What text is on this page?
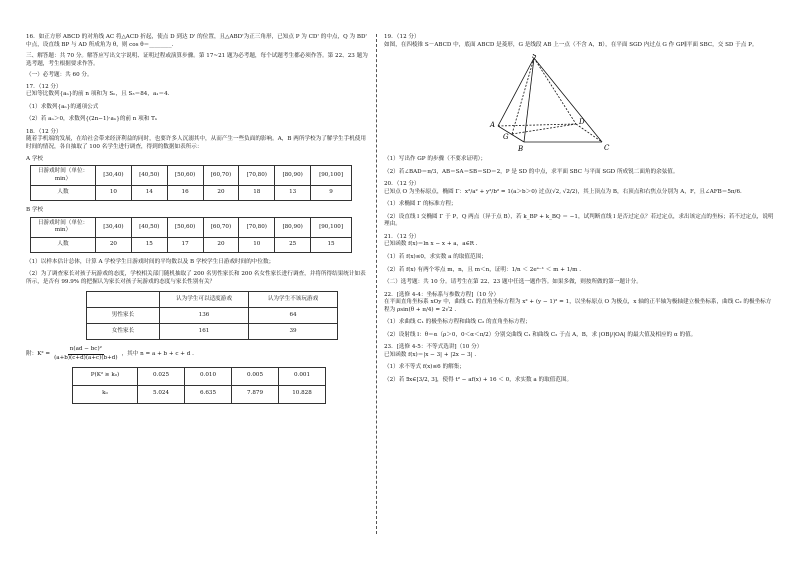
16．如正方形 ABCD 的对角线 AC 将△ACD 折起，使点 D 到达 D' 的位置，且△ABD'为正三角形，已知点 P 为 CD' 的中点，Q 为 BD' 中点，设直线 BP 与 AD 所成角为 θ，则 cos θ＝________.

三、解答题：共 70 分。解答应写出文字说明、证明过程或演算步骤。第 17~21 题为必考题，每个试题考生都必须作答。第 22、23 题为选考题，考生根据要求作答。

（一）必考题：共 60 分。

17．（12 分）

已知等比数列{aₙ}的前 n 项和为 Sₙ，且 S₃＝84，a₁＝4.

（1）求数列{aₙ}的通项公式

（2）若 aₙ＞0，求数列{(2n−1)·aₙ}的前 n 项和 Tₙ

18．（12 分）

随着手机端的发展，在给社会带来经济利益的同时，也要许多人沉溺其中，从而产生一些负面的影响。A，B 两所学校为了解学生手机使用时间的情况，各自抽取了 100 名学生进行调查，得到的数据如表所示：

A 学校

日游戏时间（单位：min）	[30,40)	[40,50)	[50,60)	[60,70)	[70,80)	[80,90)	[90,100]
人数	10	14	16	20	18	13	9

B 学校

日游戏时间（单位：min）	[30,40)	[40,50)	[50,60)	[60,70)	[70,80)	[80,90)	[90,100]
人数	20	15	17	20	10	25	15

（1）以样本估计总体，计算 A 学校学生日游戏时间的平均数以及 B 学校学生日游戏时间的中位数；

（2）为了调查家长对孩子玩游戏的态度，学校相关部门随机抽取了 200 名男性家长和 200 名女性家长进行调查，并将所得结果统计如表所示，是否有 99.9% 的把握认为家长对孩子玩游戏的态度与家长性别有关？

	认为学生可以适度游戏	认为学生不该玩游戏
男性家长	136	64
女性家长	161	39
附： $K^2 = \frac{\text{n(ad − bc)²}}{(a+b)(c+d)(a+c)(b+d)}$ ，其中 n = a + b + c + d .
P(K² ≥ k₀)	0.025	0.010	0.005	0.001
k₀	5.024	6.635	7.879	10.828

19．（12 分）

如图，在四棱锥 S－ABCD 中，底面 ABCD 是菱形，G 是线段 AB 上一点（不含 A，B），在平面 SGD 内过点 G 作 GP∥平面 SBC，交 SD 于点 P。

S
A
G
B	C
D

（1）写出作 GP 的步骤（不要求证明）；

（2）若∠BAD＝π/3，AB＝SA＝SB＝SD＝2，P 是 SD 的中点，求平面 SBC 与平面 SGD 所成锐二面角的余弦值。

20．（12 分）

已知点 O 为坐标原点，椭圆 Γ：x²/a² + y²/b² = 1(a＞b＞0) 过点(√2, √2/2)，其上顶点为 B，右顶点和右焦点分别为 A，F，且∠AFB＝5π/6.

（1）求椭圆 Γ 的标准方程；

（2）设直线 l 交椭圆 Γ 于 P，Q 两点（异于点 B），若 k_BP + k_BQ ＝ −1，试判断直线 l 是否过定点？若过定点，求出该定点的坐标；若不过定点，说明理由。

21．（12 分）

已知函数 f(x)＝ln x − x + a，a∈R .

（1）若 f(x)≤0，求实数 a 的取值范围；

（2）若 f(x) 有两个零点 m，n，且 m＜n，证明：1/n ＜ 2eᵃ⁻¹ ＜ m + 1/m .

（二）选考题：共 10 分。请考生在第 22、23 题中任选一题作答。如果多做，则按所做的第一题计分。

22．[选修 4-4：坐标系与参数方程]（10 分）

在平面直角坐标系 xOy 中，曲线 C₁ 的直角坐标方程为 x² + (y − 1)² = 1，以坐标原点 O 为极点，x 轴的正半轴为极轴建立极坐标系，曲线 C₂ 的极坐标方程为 ρsin(θ + π/4) = 2√2 .

（1）求曲线 C₁ 的极坐标方程和曲线 C₂ 的直角坐标方程；

（2）设射线 l：θ＝α（ρ＞0，0＜α＜π/2）分别交曲线 C₁ 和曲线 C₂ 于点 A，B，求 |OB|/|OA| 的最大值及相应的 α 的值。

23．[选修 4-5：不等式选讲]（10 分）

已知函数 f(x)＝|x − 3| + |2x − 3| .

（1）求不等式 f(x)≤6 的解集；

（2）若 ∃x∈[3/2, 3]，使得 t² − af(x) + 16 ＜ 0，求实数 a 的取值范围。
